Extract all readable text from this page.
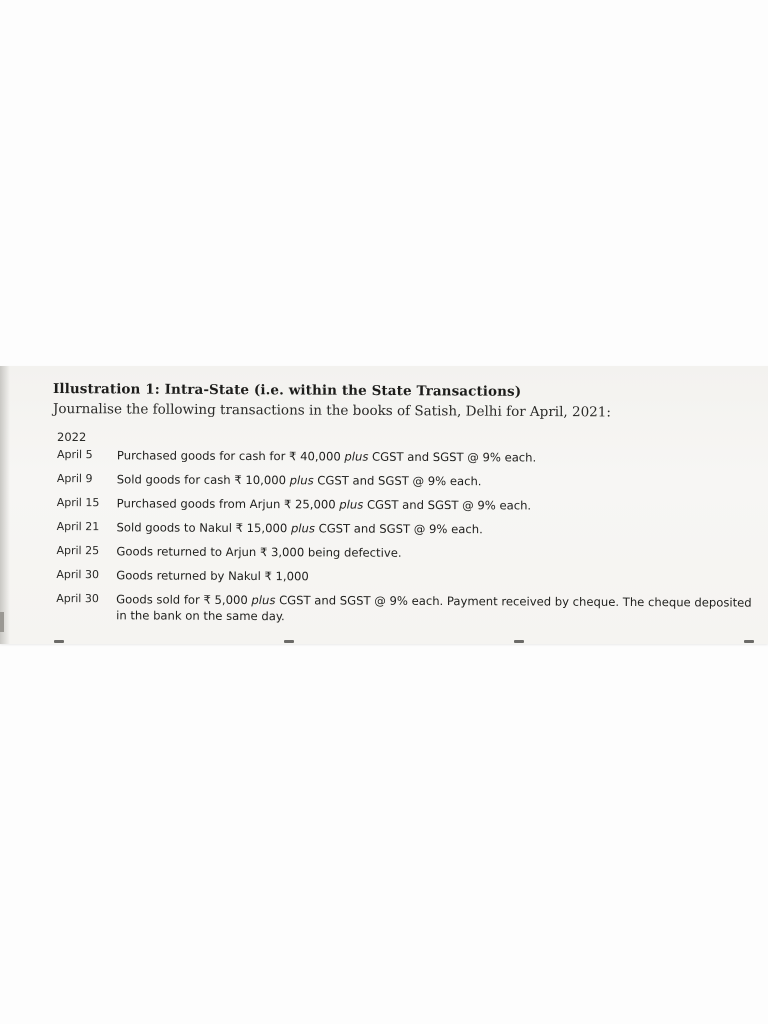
Illustration 1: Intra-State (i.e. within the State Transactions)
Journalise the following transactions in the books of Satish, Delhi for April, 2021:
2022
April 5	Purchased goods for cash for ₹ 40,000 plus CGST and SGST @ 9% each.
April 9	Sold goods for cash ₹ 10,000 plus CGST and SGST @ 9% each.
April 15	Purchased goods from Arjun ₹ 25,000 plus CGST and SGST @ 9% each.
April 21	Sold goods to Nakul ₹ 15,000 plus CGST and SGST @ 9% each.
April 25	Goods returned to Arjun ₹ 3,000 being defective.
April 30	Goods returned by Nakul ₹ 1,000
April 30	Goods sold for ₹ 5,000 plus CGST and SGST @ 9% each. Payment received by cheque. The cheque deposited in the bank on the same day.
